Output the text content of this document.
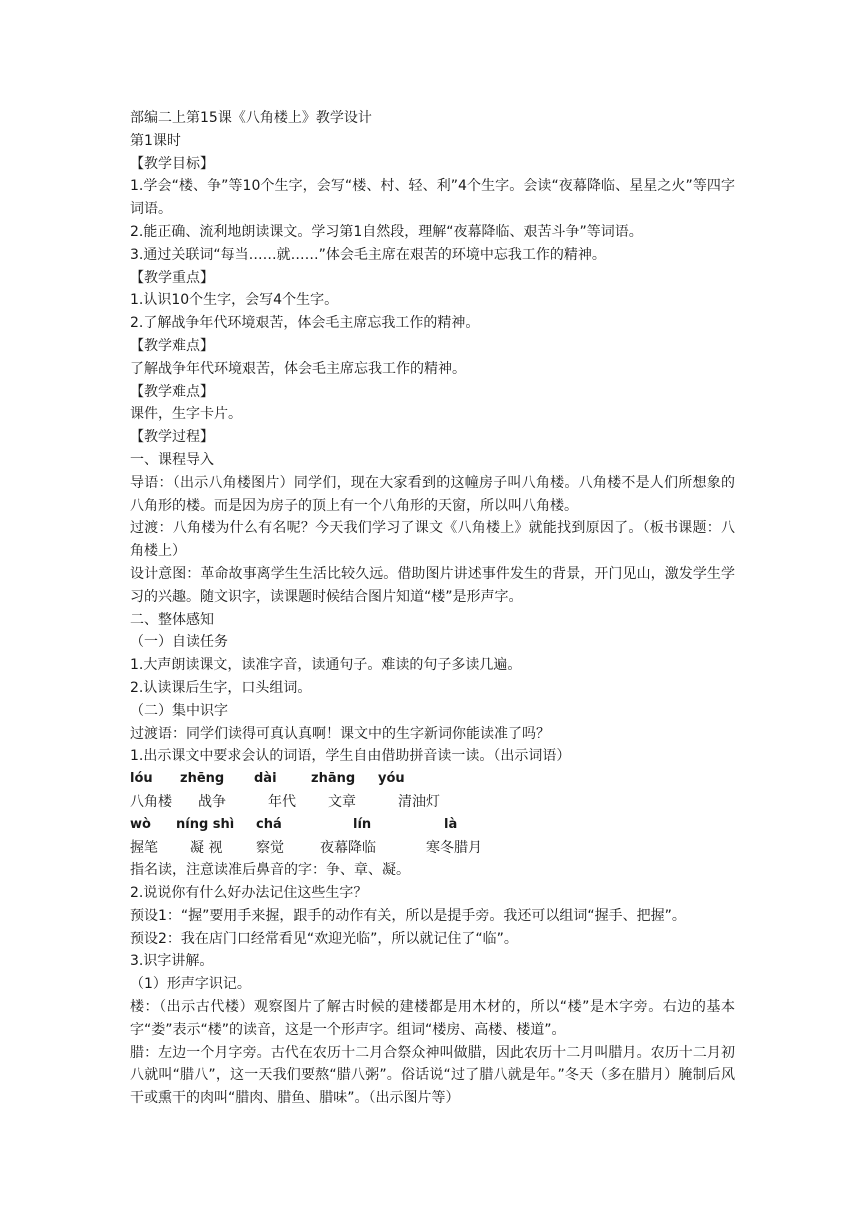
部编二上第15课《八角楼上》教学设计
第1课时
【教学目标】
1.学会“楼、争”等10个生字，会写“楼、村、轻、利”4个生字。会读“夜幕降临、星星之火”等四字词语。
2.能正确、流利地朗读课文。学习第1自然段，理解“夜幕降临、艰苦斗争”等词语。
3.通过关联词“每当……就……”体会毛主席在艰苦的环境中忘我工作的精神。
【教学重点】
1.认识10个生字，会写4个生字。
2.了解战争年代环境艰苦，体会毛主席忘我工作的精神。
【教学难点】
了解战争年代环境艰苦，体会毛主席忘我工作的精神。
【教学难点】
课件，生字卡片。
【教学过程】
一、课程导入
导语：（出示八角楼图片）同学们，现在大家看到的这幢房子叫八角楼。八角楼不是人们所想象的八角形的楼。而是因为房子的顶上有一个八角形的天窗，所以叫八角楼。
过渡：八角楼为什么有名呢？今天我们学习了课文《八角楼上》就能找到原因了。（板书课题：八角楼上）
设计意图：革命故事离学生生活比较久远。借助图片讲述事件发生的背景，开门见山，激发学生学习的兴趣。随文识字，读课题时候结合图片知道“楼”是形声字。
二、整体感知
（一）自读任务
1.大声朗读课文，读准字音，读通句子。难读的句子多读几遍。
2.认读课后生字，口头组词。
（二）集中识字
过渡语：同学们读得可真认真啊！课文中的生字新词你能读准了吗？
1.出示课文中要求会认的词语，学生自由借助拼音读一读。（出示词语）
lóu zhēng dài	zhāng yóu
八角楼 战争	年代 文章	清油灯
wò níng shì chá	lín	là
握笔 凝 视 察觉	夜幕降临	寒冬腊月
指名读，注意读准后鼻音的字：争、章、凝。
2.说说你有什么好办法记住这些生字？
预设1：“握”要用手来握，跟手的动作有关，所以是提手旁。我还可以组词“握手、把握”。
预设2：我在店门口经常看见“欢迎光临”，所以就记住了“临”。
3.识字讲解。
（1）形声字识记。
楼：（出示古代楼）观察图片了解古时候的建楼都是用木材的，所以“楼”是木字旁。右边的基本字“娄”表示“楼”的读音，这是一个形声字。组词“楼房、高楼、楼道”。
腊：左边一个月字旁。古代在农历十二月合祭众神叫做腊，因此农历十二月叫腊月。农历十二月初八就叫“腊八”，这一天我们要熬“腊八粥”。俗话说“过了腊八就是年。”冬天（多在腊月）腌制后风干或熏干的肉叫“腊肉、腊鱼、腊味”。（出示图片等）
